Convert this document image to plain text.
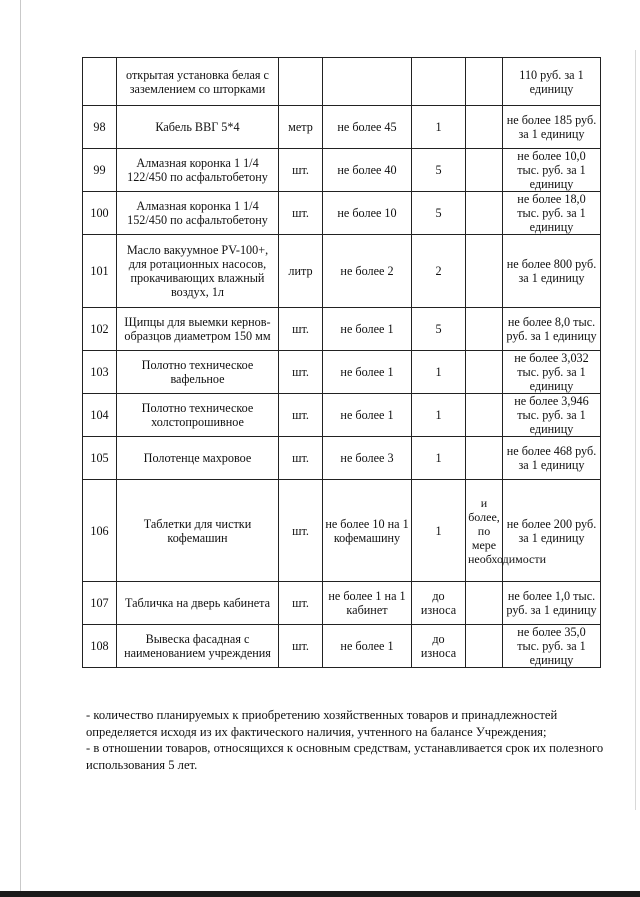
	открытая установка белая с заземлением со шторками					110 руб. за 1 единицу
98	Кабель ВВГ 5*4	метр	не более 45	1		не более 185 руб. за 1 единицу
99	Алмазная коронка 1 1/4 122/450 по асфальтобетону	шт.	не более 40	5		не более 10,0 тыс. руб. за 1 единицу
100	Алмазная коронка 1 1/4 152/450 по асфальтобетону	шт.	не более 10	5		не более 18,0 тыс. руб. за 1 единицу
101	Масло вакуумное PV-100+, для ротационных насосов, прокачивающих влажный воздух, 1л	литр	не более 2	2		не более 800 руб. за 1 единицу
102	Щипцы для выемки кернов-образцов диаметром 150 мм	шт.	не более 1	5		не более 8,0 тыс. руб. за 1 единицу
103	Полотно техническое вафельное	шт.	не более 1	1		не более 3,032 тыс. руб. за 1 единицу
104	Полотно техническое холстопрошивное	шт.	не более 1	1		не более 3,946 тыс. руб. за 1 единицу
105	Полотенце махровое	шт.	не более 3	1		не более 468 руб. за 1 единицу
106	Таблетки для чистки кофемашин	шт.	не более 10 на 1 кофемашину	1	и более, по мере необходимости	не более 200 руб. за 1 единицу
107	Табличка на дверь кабинета	шт.	не более 1 на 1 кабинет	до износа		не более 1,0 тыс. руб. за 1 единицу
108	Вывеска фасадная с наименованием учреждения	шт.	не более 1	до износа		не более 35,0 тыс. руб. за 1 единицу

- количество планируемых к приобретению хозяйственных товаров и принадлежностей определяется исходя из их фактического наличия, учтенного на балансе Учреждения;

- в отношении товаров, относящихся к основным средствам, устанавливается срок их полезного использования 5 лет.
